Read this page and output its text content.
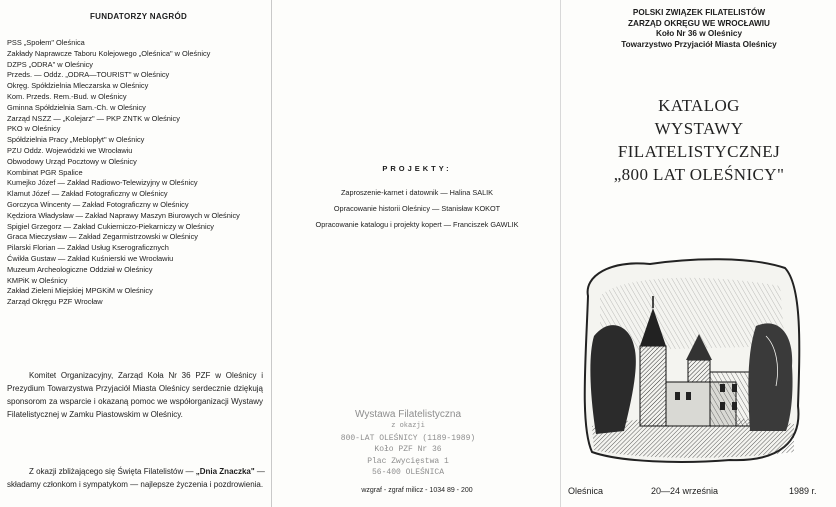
FUNDATORZY NAGRÓD
PSS „Społem" Oleśnica
Zakłady Naprawcze Taboru Kolejowego „Oleśnica" w Oleśnicy
DZPS „ODRA" w Oleśnicy
Przeds. — Oddz. „ODRA—TOURIST" w Oleśnicy
Okręg. Spółdzielnia Mleczarska w Oleśnicy
Kom. Przeds. Rem.-Bud. w Oleśnicy
Gminna Spółdzielnia Sam.-Ch. w Oleśnicy
Zarząd NSZZ — „Kolejarz" — PKP ZNTK w Oleśnicy
PKO w Oleśnicy
Spółdzielnia Pracy „Meblopłyt" w Oleśnicy
PZU Oddz. Wojewódzki we Wrocławiu
Obwodowy Urząd Pocztowy w Oleśnicy
Kombinat PGR Spalice
Kumejko Józef — Zakład Radiowo-Telewizyjny w Oleśnicy
Klamut Józef — Zakład Fotograficzny w Oleśnicy
Gorczyca Wincenty — Zakład Fotograficzny w Oleśnicy
Kędziora Władysław — Zakład Naprawy Maszyn Biurowych w Oleśnicy
Spigiel Grzegorz — Zakład Cukierniczo-Piekarniczy w Oleśnicy
Graca Mieczysław — Zakład Zegarmistrzowski w Oleśnicy
Pilarski Florian — Zakład Usług Kserograficznych
Ćwikła Gustaw — Zakład Kuśnierski we Wrocławiu
Muzeum Archeologiczne Oddział w Oleśnicy
KMPiK w Oleśnicy
Zakład Zieleni Miejskiej MPGKiM w Oleśnicy
Zarząd Okręgu PZF Wrocław
Komitet Organizacyjny, Zarząd Koła Nr 36 PZF w Oleśnicy i Prezydium Towarzystwa Przyjaciół Miasta Oleśnicy serdecznie dziękują sponsorom za wsparcie i okazaną pomoc we współorganizacji Wystawy Filatelistycznej w Zamku Piastowskim w Oleśnicy.
Z okazji zbliżającego się Święta Filatelistów — „Dnia Znaczka" — składamy członkom i sympatykom — najlepsze życzenia i pozdrowienia.
PROJEKTY:
Zaproszenie-karnet i datownik — Halina SALIK
Opracowanie historii Oleśnicy — Stanisław KOKOT
Opracowanie katalogu i projekty kopert — Franciszek GAWLIK
Wystawa Filatelistyczna
z okazji
800-LAT OLEŚNICY (1189-1989)
Koło PZF Nr 36
Plac Zwycięstwa 1
56-400 OLEŚNICA
wzgraf - zgraf milicz - 1034 89 - 200
POLSKI ZWIĄZEK FILATELISTÓW
ZARZĄD OKRĘGU WE WROCŁAWIU
Koło Nr 36 w Oleśnicy
Towarzystwo Przyjaciół Miasta Oleśnicy
KATALOG
WYSTAWY
FILATELISTYCZNEJ
„800 LAT OLEŚNICY"
Oleśnica	20—24 września	1989 r.
